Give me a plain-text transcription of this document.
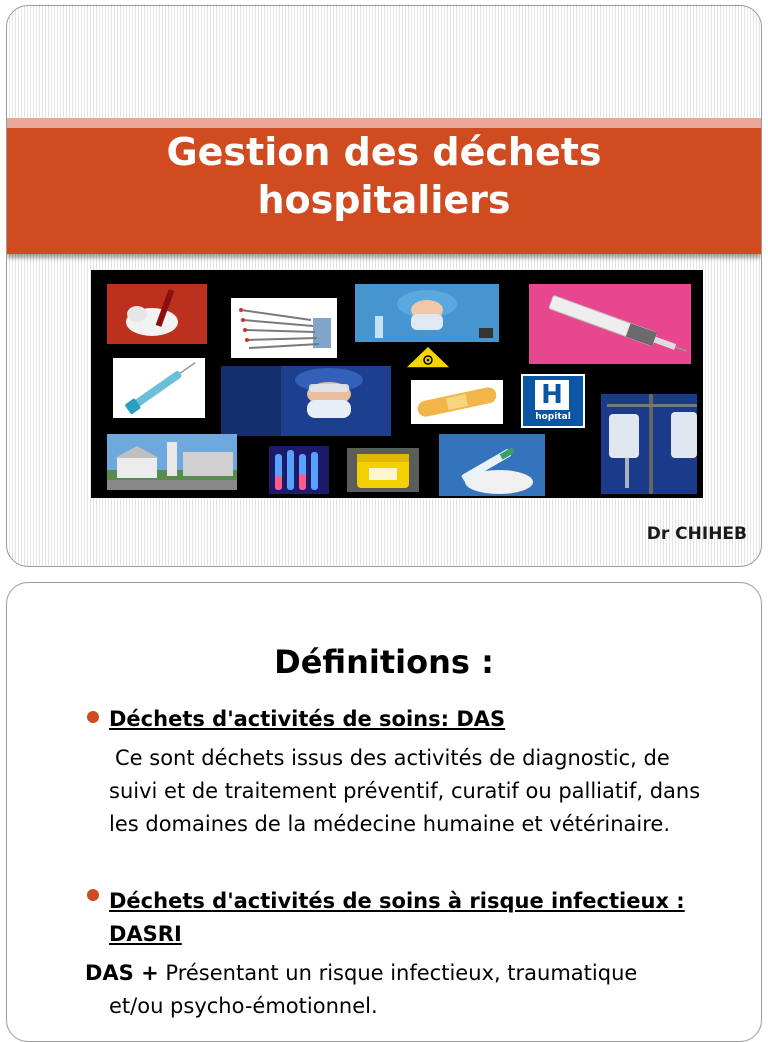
Gestion des déchets hospitaliers
H
hopital
Dr CHIHEB
Définitions :
Déchets d'activités de soins: DAS
Ce sont déchets issus des activités de diagnostic, de suivi et de traitement préventif, curatif ou palliatif, dans les domaines de la médecine humaine et vétérinaire.
Déchets d'activités de soins à risque infectieux :
DASRI
DAS + Présentant un risque infectieux, traumatique
et/ou psycho-émotionnel.
